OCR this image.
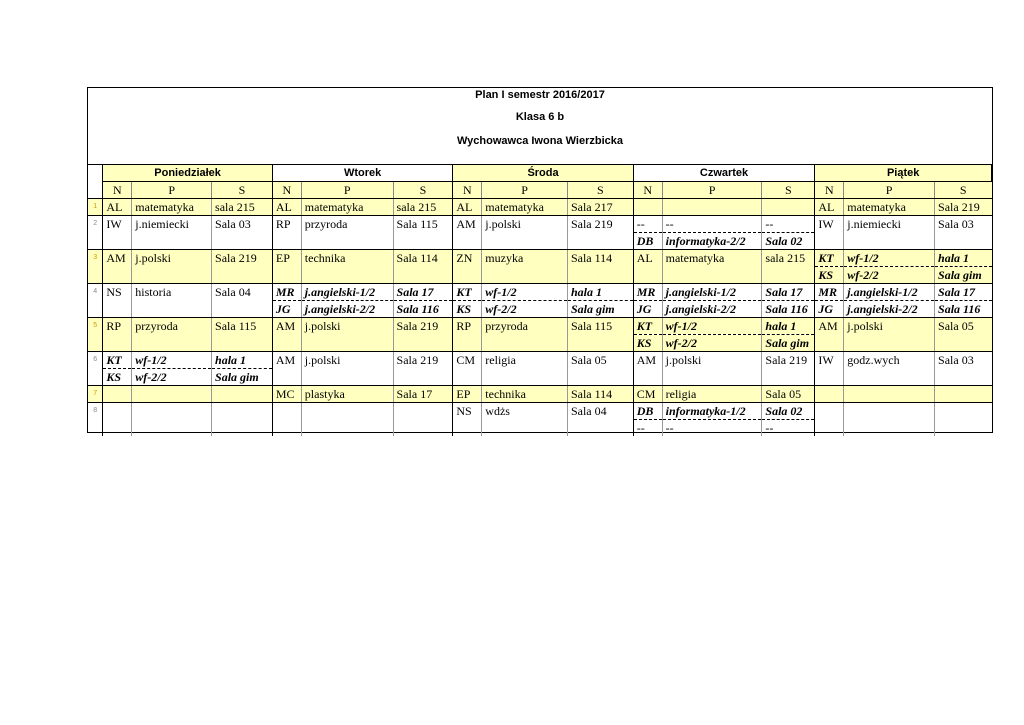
Plan I semestr 2016/2017
Klasa 6 b
Wychowawca Iwona Wierzbicka
	Poniedziałek			Wtorek			Środa			Czwartek			Piątek		
	N	P	S	N	P	S	N	P	S	N	P	S	N	P	S
1	AL	matematyka	sala 215	AL	matematyka	sala 215	AL	matematyka	Sala 217				AL	matematyka	Sala 219
2	IW	j.niemiecki	Sala 03	RP	przyroda	Sala 115	AM	j.polski	Sala 219	--	--	--	IW	j.niemiecki	Sala 03
										DB	informatyka-2/2	Sala 02			
3	AM	j.polski	Sala 219	EP	technika	Sala 114	ZN	muzyka	Sala 114	AL	matematyka	sala 215	KT	wf-1/2	hala 1
													KS	wf-2/2	Sala gim
4	NS	historia	Sala 04	MR	j.angielski-1/2	Sala 17	KT	wf-1/2	hala 1	MR	j.angielski-1/2	Sala 17	MR	j.angielski-1/2	Sala 17
				JG	j.angielski-2/2	Sala 116	KS	wf-2/2	Sala gim	JG	j.angielski-2/2	Sala 116	JG	j.angielski-2/2	Sala 116
5	RP	przyroda	Sala 115	AM	j.polski	Sala 219	RP	przyroda	Sala 115	KT	wf-1/2	hala 1	AM	j.polski	Sala 05
										KS	wf-2/2	Sala gim			
6	KT	wf-1/2	hala 1	AM	j.polski	Sala 219	CM	religia	Sala 05	AM	j.polski	Sala 219	IW	godz.wych	Sala 03
	KS	wf-2/2	Sala gim												
7				MC	plastyka	Sala 17	EP	technika	Sala 114	CM	religia	Sala 05			
8							NS	wdżs	Sala 04	DB	informatyka-1/2	Sala 02			
										--	--	--			
